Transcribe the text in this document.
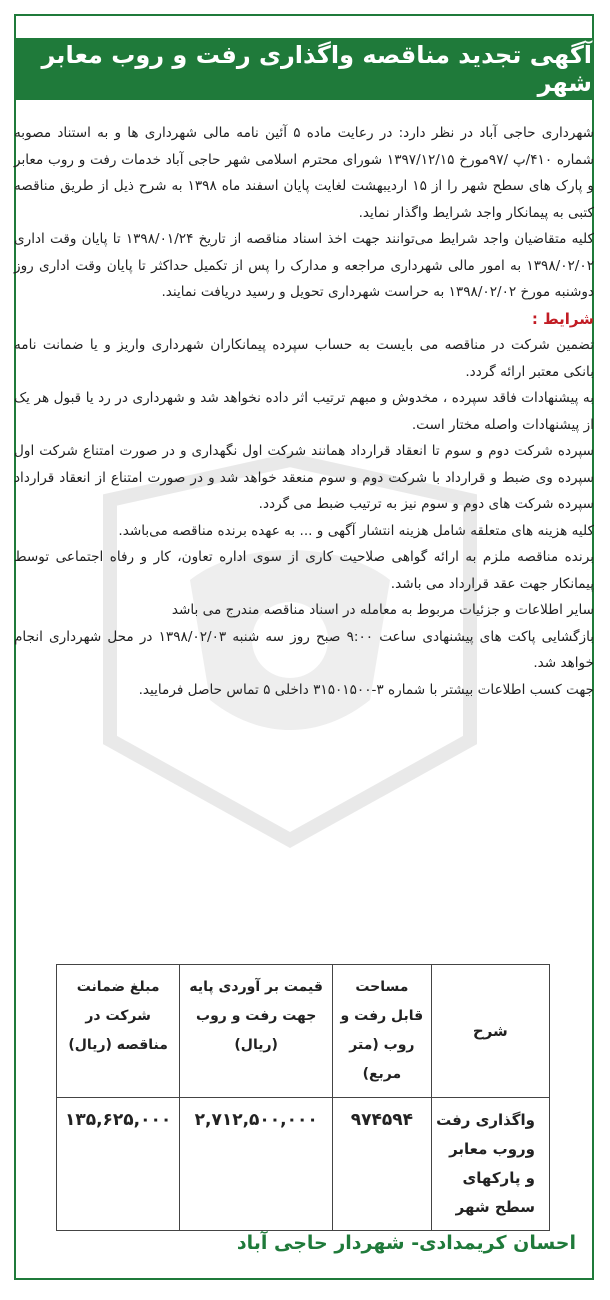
آگهی تجدید مناقصه واگذاری رفت و روب معابر شهر

شهرداری حاجی آباد در نظر دارد: در رعایت ماده ۵ آئین نامه مالی شهرداری ها و به استناد مصوبه شماره ۴۱۰/پ /۹۷مورخ ۱۳۹۷/۱۲/۱۵ شورای محترم اسلامی شهر حاجی آباد خدمات رفت و روب معابر و پارک های سطح شهر را از ۱۵ اردیبهشت لغایت پایان اسفند ماه ۱۳۹۸ به شرح ذیل از طریق مناقصه کتبی به پیمانکار واجد شرایط واگذار نماید.

کلیه متقاضیان واجد شرایط می‌توانند جهت اخذ اسناد مناقصه از تاریخ ۱۳۹۸/۰۱/۲۴ تا پایان وقت اداری ۱۳۹۸/۰۲/۰۲ به امور مالی شهرداری مراجعه و مدارک را پس از تکمیل حداکثر تا پایان وقت اداری روز دوشنبه مورخ ۱۳۹۸/۰۲/۰۲ به حراست شهرداری تحویل و رسید دریافت نمایند.

شرایط :

تضمین شرکت در مناقصه می بایست به حساب سپرده پیمانکاران شهرداری واریز و یا ضمانت نامه بانکی معتبر ارائه گردد.

به پیشنهادات فاقد سپرده ، مخدوش و مبهم ترتیب اثر داده نخواهد شد و شهرداری در رد یا قبول هر یک از پیشنهادات واصله مختار است.

سپرده شرکت دوم و سوم تا انعقاد قرارداد همانند شرکت اول نگهداری و در صورت امتناع شرکت اول سپرده وی ضبط و قرارداد با شرکت دوم و سوم منعقد خواهد شد و در صورت امتناع از انعقاد قرارداد سپرده شرکت های دوم و سوم نیز به ترتیب ضبط می گردد.

کلیه هزینه های متعلقه شامل هزینه انتشار آگهی و ... به عهده برنده مناقصه می‌باشد.

برنده مناقصه ملزم به ارائه گواهی صلاحیت کاری از سوی اداره تعاون، کار و رفاه اجتماعی توسط پیمانکار جهت عقد قرارداد می باشد.

سایر اطلاعات و جزئیات مربوط به معامله در اسناد مناقصه مندرج می باشد

بازگشایی پاکت های پیشنهادی ساعت ۹:۰۰ صبح روز سه شنبه ۱۳۹۸/۰۲/۰۳ در محل شهرداری انجام خواهد شد.

جهت کسب اطلاعات بیشتر با شماره ۳-۳۱۵۰۱۵۰۰ داخلی ۵ تماس حاصل فرمایید.

شرح	مساحت قابل رفت و روب (متر مربع)	قیمت بر آوردی پایه جهت رفت و روب (ریال)	مبلغ ضمانت شرکت در مناقصه (ریال)
واگذاری رفت وروب معابر و پارکهای سطح شهر	۹۷۴۵۹۴	۲,۷۱۲,۵۰۰,۰۰۰	۱۳۵,۶۲۵,۰۰۰
احسان کریمدادی- شهردار حاجی آباد
